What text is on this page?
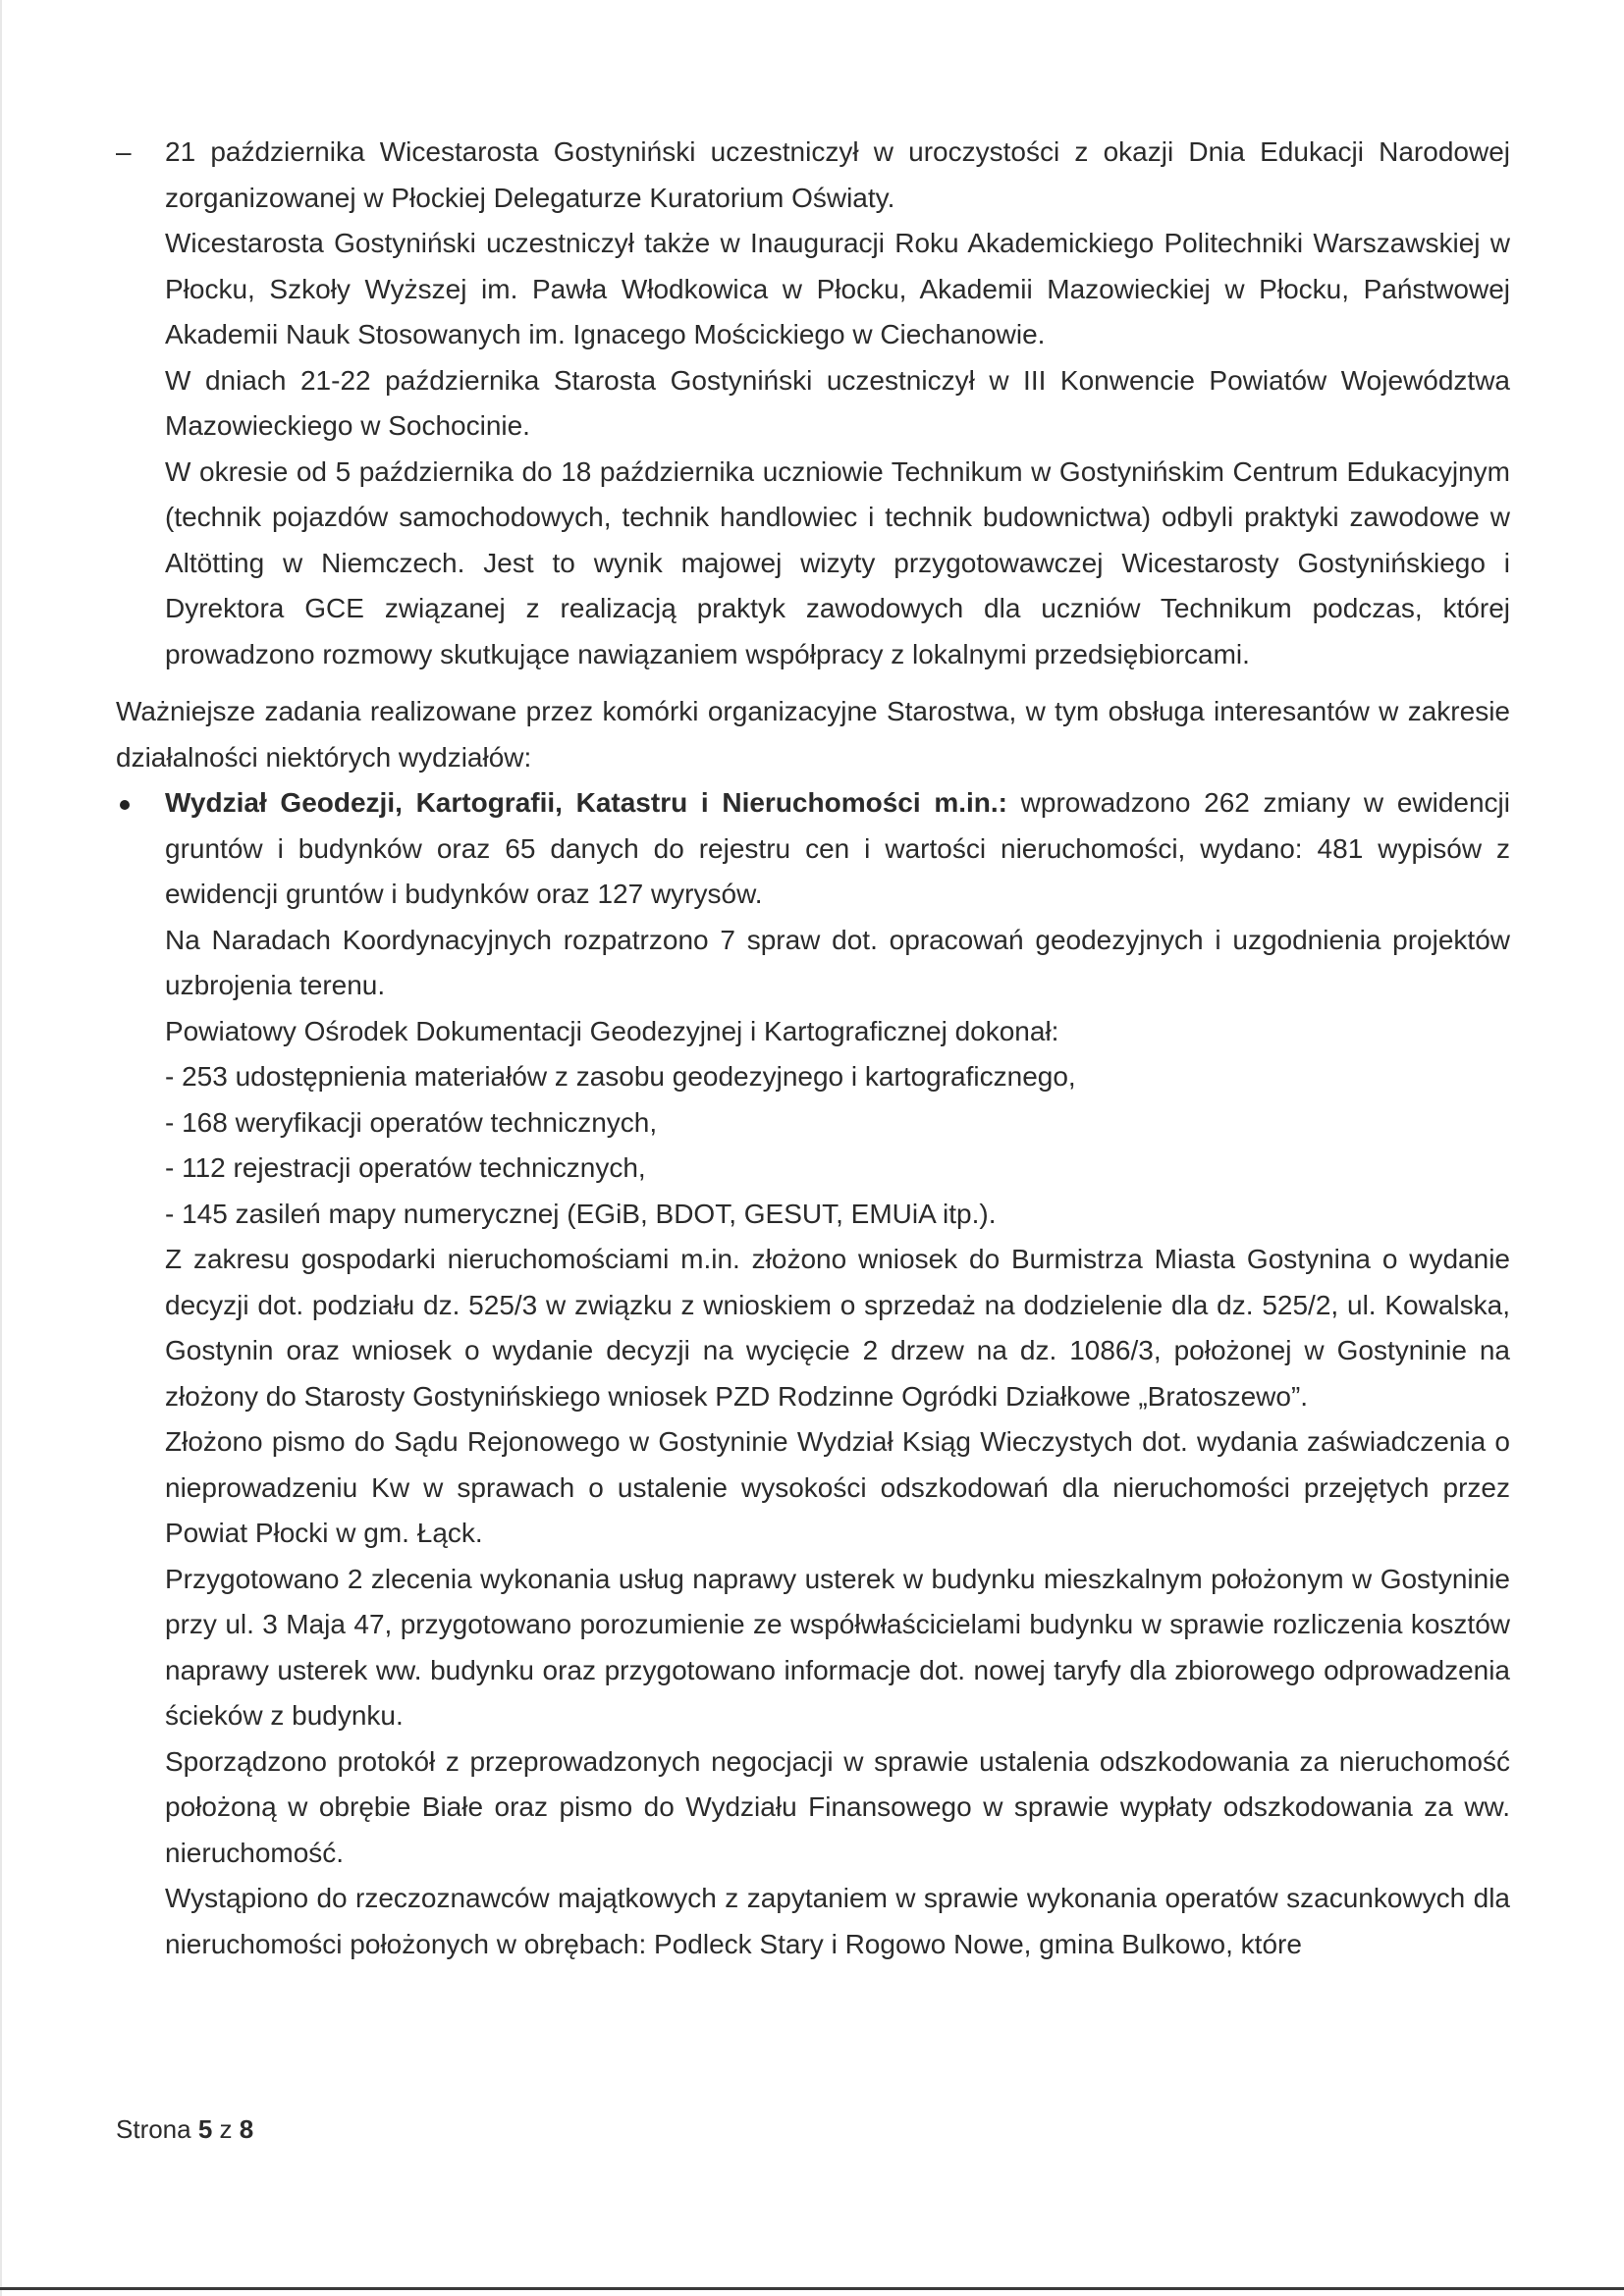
–	21 października Wicestarosta Gostyniński uczestniczył w uroczystości z okazji Dnia Edukacji Narodowej zorganizowanej w Płockiej Delegaturze Kuratorium Oświaty.

Wicestarosta Gostyniński uczestniczył także w Inauguracji Roku Akademickiego Politechniki Warszawskiej w Płocku, Szkoły Wyższej im. Pawła Włodkowica w Płocku, Akademii Mazowieckiej w Płocku, Państwowej Akademii Nauk Stosowanych im. Ignacego Mościckiego w Ciechanowie.

W dniach 21-22 października Starosta Gostyniński uczestniczył w III Konwencie Powiatów Województwa Mazowieckiego w Sochocinie.

W okresie od 5 października do 18 października uczniowie Technikum w Gostynińskim Centrum Edukacyjnym (technik pojazdów samochodowych, technik handlowiec i technik budownictwa) odbyli praktyki zawodowe w Altötting w Niemczech. Jest to wynik majowej wizyty przygotowawczej Wicestarosty Gostynińskiego i Dyrektora GCE związanej z realizacją praktyk zawodowych dla uczniów Technikum podczas, której prowadzono rozmowy skutkujące nawiązaniem współpracy z lokalnymi przedsiębiorcami.

Ważniejsze zadania realizowane przez komórki organizacyjne Starostwa, w tym obsługa interesantów w zakresie działalności niektórych wydziałów:

Wydział Geodezji, Kartografii, Katastru i Nieruchomości m.in.: wprowadzono 262 zmiany w ewidencji gruntów i budynków oraz 65 danych do rejestru cen i wartości nieruchomości, wydano: 481 wypisów z ewidencji gruntów i budynków oraz 127 wyrysów.

Na Naradach Koordynacyjnych rozpatrzono 7 spraw dot. opracowań geodezyjnych i uzgodnienia projektów uzbrojenia terenu.

Powiatowy Ośrodek Dokumentacji Geodezyjnej i Kartograficznej dokonał:

- 253 udostępnienia materiałów z zasobu geodezyjnego i kartograficznego,

- 168 weryfikacji operatów technicznych,

- 112 rejestracji operatów technicznych,

- 145 zasileń mapy numerycznej (EGiB, BDOT, GESUT, EMUiA itp.).

Z zakresu gospodarki nieruchomościami m.in. złożono wniosek do Burmistrza Miasta Gostynina o wydanie decyzji dot. podziału dz. 525/3 w związku z wnioskiem o sprzedaż na dodzielenie dla dz. 525/2, ul. Kowalska, Gostynin oraz wniosek o wydanie decyzji na wycięcie 2 drzew na dz. 1086/3, położonej w Gostyninie na złożony do Starosty Gostynińskiego wniosek PZD Rodzinne Ogródki Działkowe „Bratoszewo”.

Złożono pismo do Sądu Rejonowego w Gostyninie Wydział Ksiąg Wieczystych dot. wydania zaświadczenia o nieprowadzeniu Kw w sprawach o ustalenie wysokości odszkodowań dla nieruchomości przejętych przez Powiat Płocki w gm. Łąck.

Przygotowano 2 zlecenia wykonania usług naprawy usterek w budynku mieszkalnym położonym w Gostyninie przy ul. 3 Maja 47, przygotowano porozumienie ze współwłaścicielami budynku w sprawie rozliczenia kosztów naprawy usterek ww. budynku oraz przygotowano informacje dot. nowej taryfy dla zbiorowego odprowadzenia ścieków z budynku.

Sporządzono protokół z przeprowadzonych negocjacji w sprawie ustalenia odszkodowania za nieruchomość położoną w obrębie Białe oraz pismo do Wydziału Finansowego w sprawie wypłaty odszkodowania za ww. nieruchomość.

Wystąpiono do rzeczoznawców majątkowych z zapytaniem w sprawie wykonania operatów szacunkowych dla nieruchomości położonych w obrębach: Podleck Stary i Rogowo Nowe, gmina Bulkowo, które

Strona 5 z 8
